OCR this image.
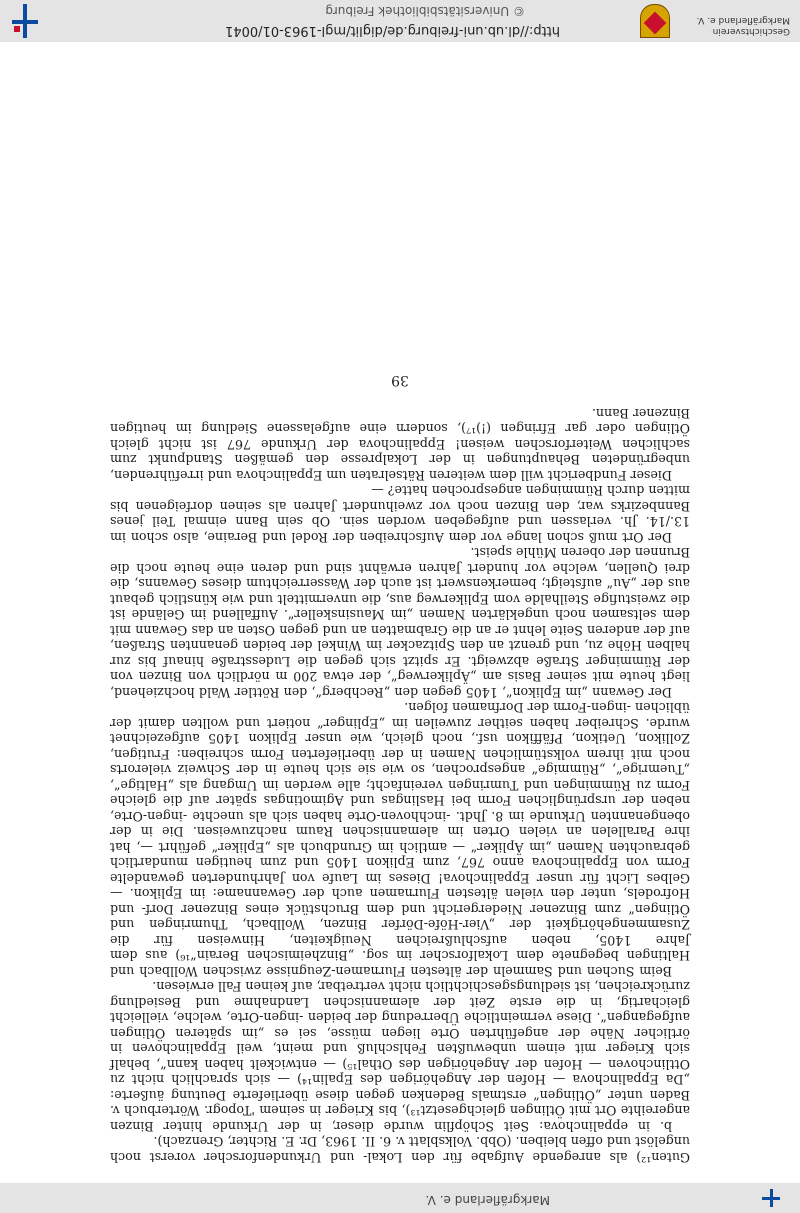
http://dl.ub.uni-freiburg.de/diglit/mgl-1963-01/0041
© Universitätsbibliothek Freiburg
Geschichtsverein Markgräflerland e. V.

Guten¹²) als anregende Aufgabe für den Lokal- und Urkundenforscher vorerst noch ungelöst und offen bleiben. (Obb. Volksblatt v. 6. II. 1963, Dr. E. Richter, Grenzach).

b. in eppalinchova: Seit Schöpflin wurde dieser, in der Urkunde hinter Binzen angereihte Ort mit Ötlingen gleichgesetzt¹³), bis Krieger in seinem 'Topogr. Wörterbuch v. Baden unter „Ötlingen“ erstmals Bedenken gegen diese überlieferte Deutung äußerte: „Da Eppalinchova — Hofen der Angehörigen des Epalin¹⁴) — sich sprachlich nicht zu Ottlinchoven — Hofen der Angehörigen des Othal¹⁵) — entwickelt haben kann“, behalf sich Krieger mit einem unbewußten Fehlschluß und meint, weil Eppalinchoven in örtlicher Nähe der angeführten Orte liegen müsse, sei es „im späteren Ötlingen aufgegangen“. Diese vermeintliche Überredung der beiden -ingen-Orte, welche, vielleicht gleichartig, in die erste Zeit der alemannischen Landnahme und Besiedlung zurückreichen, ist siedlungsgeschichtlich nicht vertretbar, auf keinen Fall erwiesen.

Beim Suchen und Sammeln der ältesten Flurnamen-Zeugnisse zwischen Wollbach und Haltingen begegnete dem Lokalforscher im sog. „Binzheimischen Berain“¹⁶) aus dem Jahre 1405, neben aufschlußreichen Neuigkeiten, Hinweisen für die Zusammengehörigkeit der „Vier-Höfe-Dörfer Binzen, Wollbach, Thumringen und Ötlingen“ zum Binzener Niedergericht und dem Bruchstück eines Binzener Dorf- und Hofrodels, unter den vielen ältesten Flurnamen auch der Gewanname: im Eplikon. — Gelbes Licht für unser Eppalinchova! Dieses im Laufe von Jahrhunderten gewandelte Form von Eppalinchova anno 767, zum Eplikon 1405 und zum heutigen mundartlich gebrauchten Namen „im Äpliker“ — amtlich im Grundbuch als „Epliker“ geführt —, hat ihre Parallelen an vielen Orten im alemannischen Raum nachzuweisen. Die in der obengenannten Urkunde im 8. Jhdt. -inchhoven-Orte haben sich als unechte -ingen-Orte, neben der ursprünglichen Form bei Haslingas und Agimotingas später auf die gleiche Form zu Rümmingen und Tumringen vereinfacht; alle werden im Umgang als „Haltige“, „Tuemrige“, „Rümmige“ angesprochen, so wie sie sich heute in der Schweiz vielerorts noch mit ihrem volkstümlichen Namen in der überlieferten Form schreiben: Frutigen, Zollikon, Uetikon, Pfäffikon usf., noch gleich, wie unser Eplikon 1405 aufgezeichnet wurde. Schreiber haben seither zuweilen im „Eplinger“ notiert und wollten damit der üblichen -ingen-Form der Dorfnamen folgen.

Der Gewann „im Eplikon“, 1405 gegen den „Rechberg“, den Röttler Wald hochziehend, liegt heute mit seiner Basis am „Äplikerweg“, der etwa 200 m nördlich von Binzen von der Rümminger Straße abzweigt. Er spitzt sich gegen die Ludesstraße hinauf bis zur halben Höhe zu, und grenzt an den Spitzacker im Winkel der beiden genannten Straßen, auf der anderen Seite lehnt er an die Grabmatten an und gegen Osten an das Gewann mit dem seltsamen noch ungeklärten Namen „im Mausinskeller“. Auffallend im Gelände ist die zweistufige Steilhalde vom Eplikerweg aus, die unvermittelt und wie künstlich gebaut aus der „Au“ aufsteigt; bemerkenswert ist auch der Wasserreichtum dieses Gewanns, die drei Quellen, welche vor hundert Jahren erwähnt sind und deren eine heute noch die Brunnen der oberen Mühle speist.

Der Ort muß schon lange vor dem Aufschreiben der Rodel und Beraine, also schon im 13./14. Jh. verlassen und aufgegeben worden sein. Ob sein Bann einmal Teil jenes Bannbezirks war, den Binzen noch vor zweihundert Jahren als seinen dorfeigenen bis mitten durch Rümmingen angesprochen hatte? —

Dieser Fundbericht will dem weiteren Rätselraten um Eppalinchova und irreführenden, unbegründeten Behauptungen in der Lokalpresse den gemäßen Standpunkt zum sachlichen Weiterforschen weisen! Eppalinchova der Urkunde 767 ist nicht gleich Ötlingen oder gar Efringen (!)¹⁷), sondern eine aufgelassene Siedlung im heutigen Binzener Bann.

39
Markgräflerland e. V.
